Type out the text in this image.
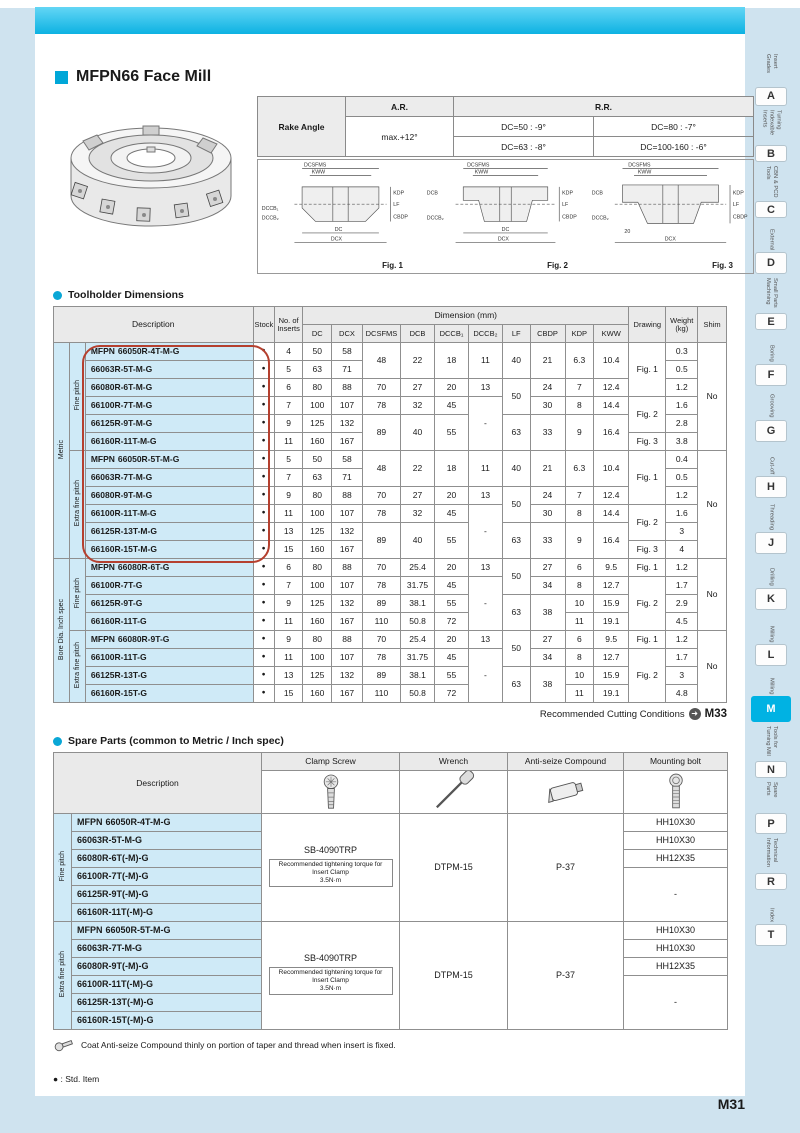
MFPN66 Face Mill
Rake Angle	A.R.	R.R.	
	max.+12°	DC=50 : -9°	DC=80 : -7°
		DC=63 : -8°	DC=100-160 : -6°
DCSFMS
KWW
KDP
LF
CBDP
DCCB₁
DCCB₂
DC
DCX
Fig. 1
DCSFMS
KWW
KDP
LF
CBDP
DCB
DCCB₂
DC
DCX
Fig. 2
DCSFMS
KWW
KDP
LF
CBDP
DCB
DCCB₂
20
DCX
Fig. 3
Toolholder Dimensions
Description			Stock	No. of Inserts	Dimension (mm)										Drawing	Weight (kg)	Shim
					DC	DCX	DCSFMS	DCB	DCCB₁	DCCB₂	LF	CBDP	KDP	KWW			
Metric	Fine pitch	MFPN 66050R-4T-M-G	●	4	50	58	48	22	18	11	40	21	6.3	10.4	Fig. 1	0.3	No
		66063R-5T-M-G	●	5	63	71										0.5	
		66080R-6T-M-G	●	6	80	88	70	27	20	13	50	24	7	12.4		1.2	
		66100R-7T-M-G	●	7	100	107	78	32	45	-		30	8	14.4	Fig. 2	1.6	
		66125R-9T-M-G	●	9	125	132	89	40	55		63	33	9	16.4		2.8	
		66160R-11T-M-G	●	11	160	167									Fig. 3	3.8	
	Extra fine pitch	MFPN 66050R-5T-M-G	●	5	50	58	48	22	18	11	40	21	6.3	10.4	Fig. 1	0.4	No
		66063R-7T-M-G	●	7	63	71										0.5	
		66080R-9T-M-G	●	9	80	88	70	27	20	13	50	24	7	12.4		1.2	
		66100R-11T-M-G	●	11	100	107	78	32	45	-		30	8	14.4	Fig. 2	1.6	
		66125R-13T-M-G	●	13	125	132	89	40	55		63	33	9	16.4		3	
		66160R-15T-M-G	●	15	160	167									Fig. 3	4	
Bore Dia. Inch spec	Fine pitch	MFPN 66080R-6T-G	●	6	80	88	70	25.4	20	13	50	27	6	9.5	Fig. 1	1.2	No
		66100R-7T-G	●	7	100	107	78	31.75	45	-		34	8	12.7	Fig. 2	1.7	
		66125R-9T-G	●	9	125	132	89	38.1	55		63	38	10	15.9		2.9	
		66160R-11T-G	●	11	160	167	110	50.8	72				11	19.1		4.5	
	Extra fine pitch	MFPN 66080R-9T-G	●	9	80	88	70	25.4	20	13	50	27	6	9.5	Fig. 1	1.2	No
		66100R-11T-G	●	11	100	107	78	31.75	45	-		34	8	12.7	Fig. 2	1.7	
		66125R-13T-G	●	13	125	132	89	38.1	55		63	38	10	15.9		3	
		66160R-15T-G	●	15	160	167	110	50.8	72				11	19.1		4.8	
Recommended Cutting Conditions ➜ M33
Spare Parts (common to Metric / Inch spec)
Description		Clamp Screw	Wrench	Anti-seize Compound	Mounting bolt

Fine pitch	MFPN 66050R-4T-M-G	SB-4090TRP
Recommended tightening torque for Insert Clamp
3.5N·m	DTPM-15	P-37	HH10X30
	66063R-5T-M-G				HH10X30
	66080R-6T(-M)-G				HH12X35
	66100R-7T(-M)-G				-
	66125R-9T(-M)-G				
	66160R-11T(-M)-G				
Extra fine pitch	MFPN 66050R-5T-M-G	SB-4090TRP
Recommended tightening torque for Insert Clamp
3.5N·m	DTPM-15	P-37	HH10X30
	66063R-7T-M-G				HH10X30
	66080R-9T(-M)-G				HH12X35
	66100R-11T(-M)-G				-
	66125R-13T(-M)-G				
	66160R-15T(-M)-G				
Coat Anti-seize Compound thinly on portion of taper and thread when insert is fixed.
● : Std. Item
Insert Grades
A
Turning Indexable Inserts
B
CBN & PCD Tools
C
External
D
Small Parts Machining
E
Boring
F
Grooving
G
Cut-off
H
Threading
J
Drilling
K
Milling
L
Milling
M
Tools for Turning Mill
N
Spare Parts
P
Technical Information
R
Index
T
M31
